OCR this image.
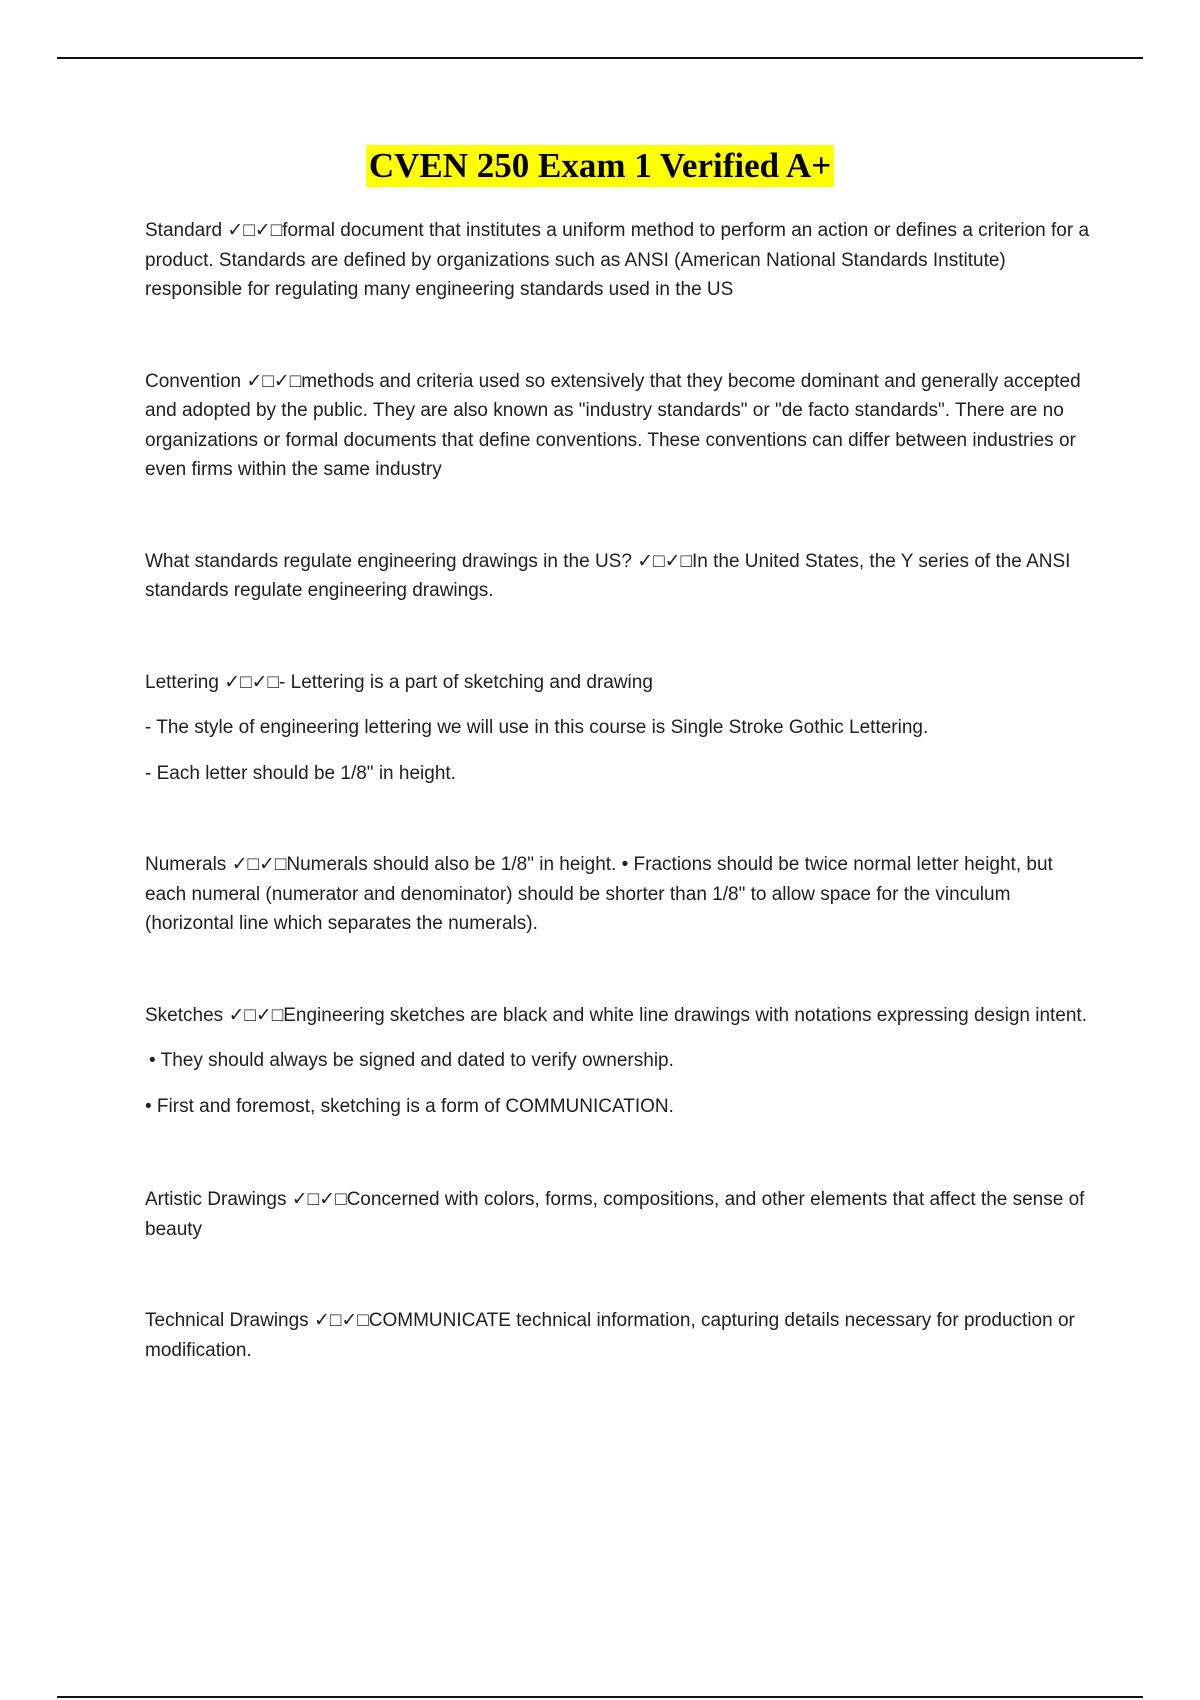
CVEN 250 Exam 1 Verified A+

Standard ✓□✓□formal document that institutes a uniform method to perform an action or defines a criterion for a product. Standards are defined by organizations such as ANSI (American National Standards Institute) responsible for regulating many engineering standards used in the US

Convention ✓□✓□methods and criteria used so extensively that they become dominant and generally accepted and adopted by the public. They are also known as "industry standards" or "de facto standards". There are no organizations or formal documents that define conventions. These conventions can differ between industries or even firms within the same industry

What standards regulate engineering drawings in the US? ✓□✓□In the United States, the Y series of the ANSI standards regulate engineering drawings.

Lettering ✓□✓□- Lettering is a part of sketching and drawing

- The style of engineering lettering we will use in this course is Single Stroke Gothic Lettering.

- Each letter should be 1/8" in height.

Numerals ✓□✓□Numerals should also be 1/8" in height. • Fractions should be twice normal letter height, but each numeral (numerator and denominator) should be shorter than 1/8" to allow space for the vinculum (horizontal line which separates the numerals).

Sketches ✓□✓□Engineering sketches are black and white line drawings with notations expressing design intent.

• They should always be signed and dated to verify ownership.

• First and foremost, sketching is a form of COMMUNICATION.

Artistic Drawings ✓□✓□Concerned with colors, forms, compositions, and other elements that affect the sense of beauty

Technical Drawings ✓□✓□COMMUNICATE technical information, capturing details necessary for production or modification.
